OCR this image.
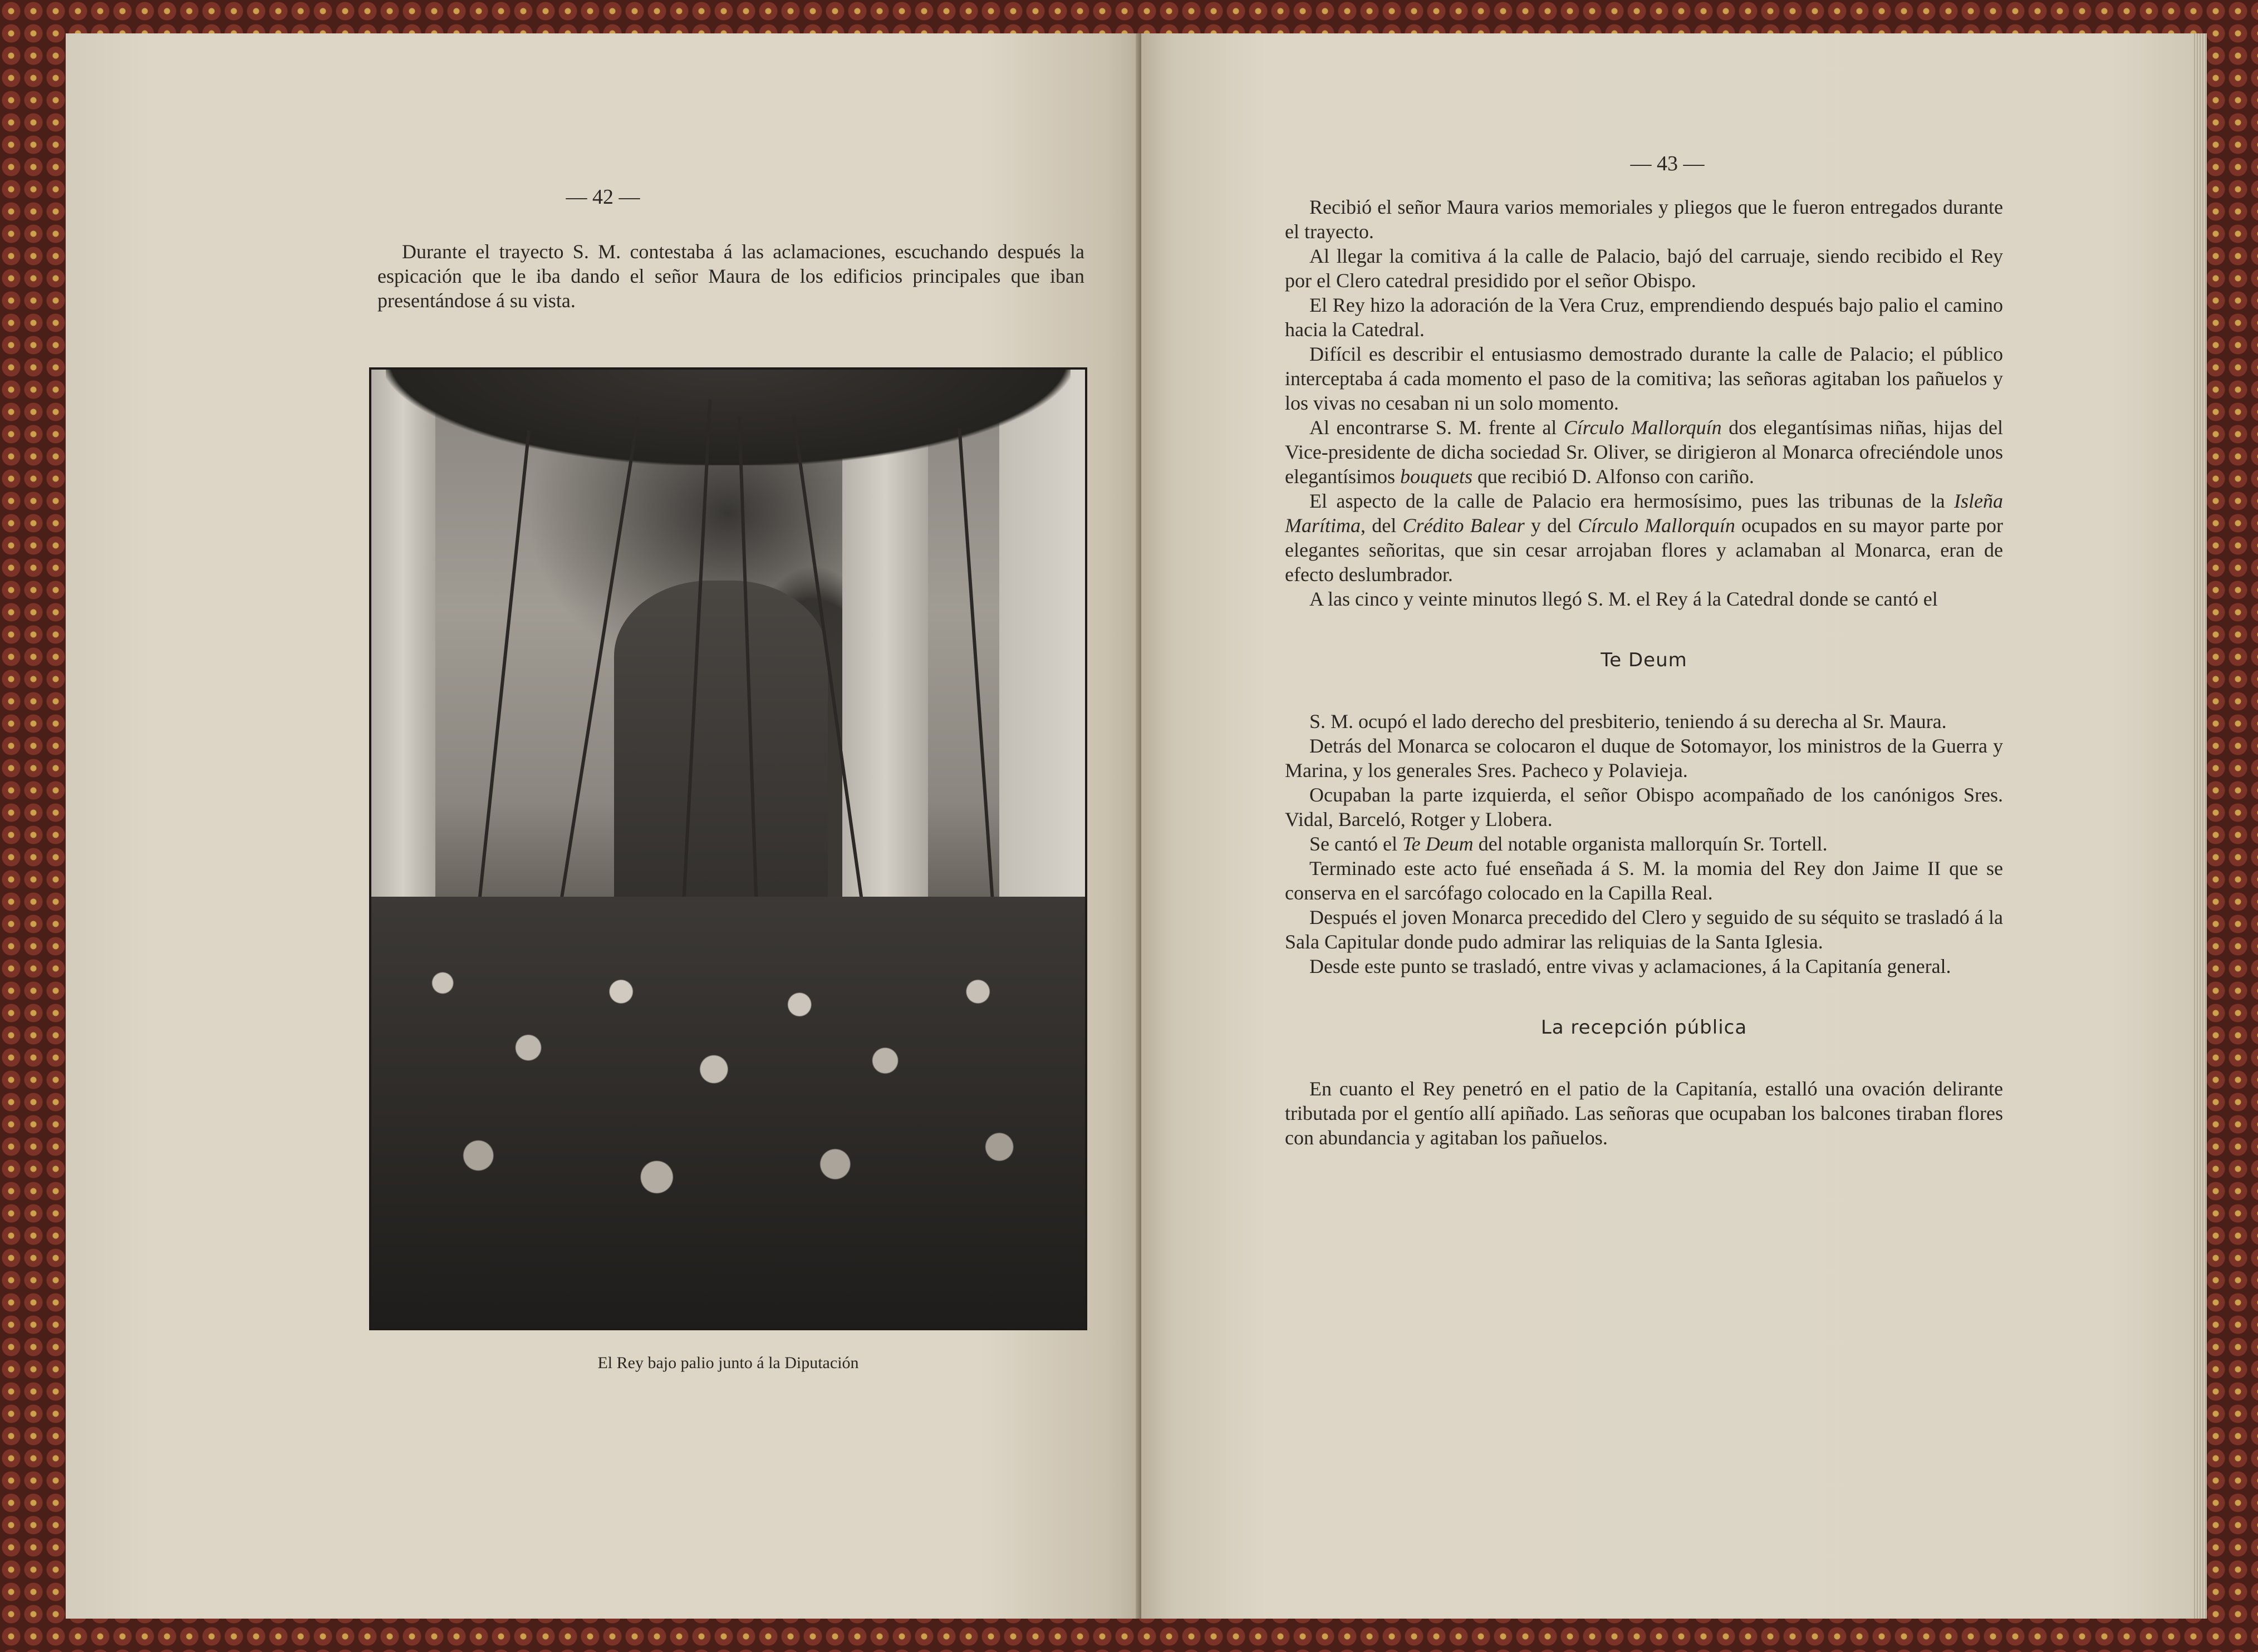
— 42 —

Durante el trayecto S. M. contestaba á las aclamaciones, escuchando después la espicación que le iba dando el señor Maura de los edificios principales que iban presentándose á su vista.

El Rey bajo palio junto á la Diputación
— 43 —

Recibió el señor Maura varios memoriales y pliegos que le fueron entregados durante el trayecto.

Al llegar la comitiva á la calle de Palacio, bajó del carruaje, siendo recibido el Rey por el Clero catedral presidido por el señor Obispo.

El Rey hizo la adoración de la Vera Cruz, emprendiendo después bajo palio el camino hacia la Catedral.

Difícil es describir el entusiasmo demostrado durante la calle de Palacio; el público interceptaba á cada momento el paso de la comitiva; las señoras agitaban los pañuelos y los vivas no cesaban ni un solo momento.

Al encontrarse S. M. frente al Círculo Mallorquín dos elegantísimas niñas, hijas del Vice-presidente de dicha sociedad Sr. Oliver, se dirigieron al Monarca ofreciéndole unos elegantísimos bouquets que recibió D. Alfonso con cariño.

El aspecto de la calle de Palacio era hermosísimo, pues las tribunas de la Isleña Marítima, del Crédito Balear y del Círculo Mallorquín ocupados en su mayor parte por elegantes señoritas, que sin cesar arrojaban flores y aclamaban al Monarca, eran de efecto deslumbrador.

A las cinco y veinte minutos llegó S. M. el Rey á la Catedral donde se cantó el

Te Deum

S. M. ocupó el lado derecho del presbiterio, teniendo á su derecha al Sr. Maura.

Detrás del Monarca se colocaron el duque de Sotomayor, los ministros de la Guerra y Marina, y los generales Sres. Pacheco y Polavieja.

Ocupaban la parte izquierda, el señor Obispo acompañado de los canónigos Sres. Vidal, Barceló, Rotger y Llobera.

Se cantó el Te Deum del notable organista mallorquín Sr. Tortell.

Terminado este acto fué enseñada á S. M. la momia del Rey don Jaime II que se conserva en el sarcófago colocado en la Capilla Real.

Después el joven Monarca precedido del Clero y seguido de su séquito se trasladó á la Sala Capitular donde pudo admirar las reliquias de la Santa Iglesia.

Desde este punto se trasladó, entre vivas y aclamaciones, á la Capitanía general.

La recepción pública

En cuanto el Rey penetró en el patio de la Capitanía, estalló una ovación delirante tributada por el gentío allí apiñado. Las señoras que ocupaban los balcones tiraban flores con abundancia y agitaban los pañuelos.
